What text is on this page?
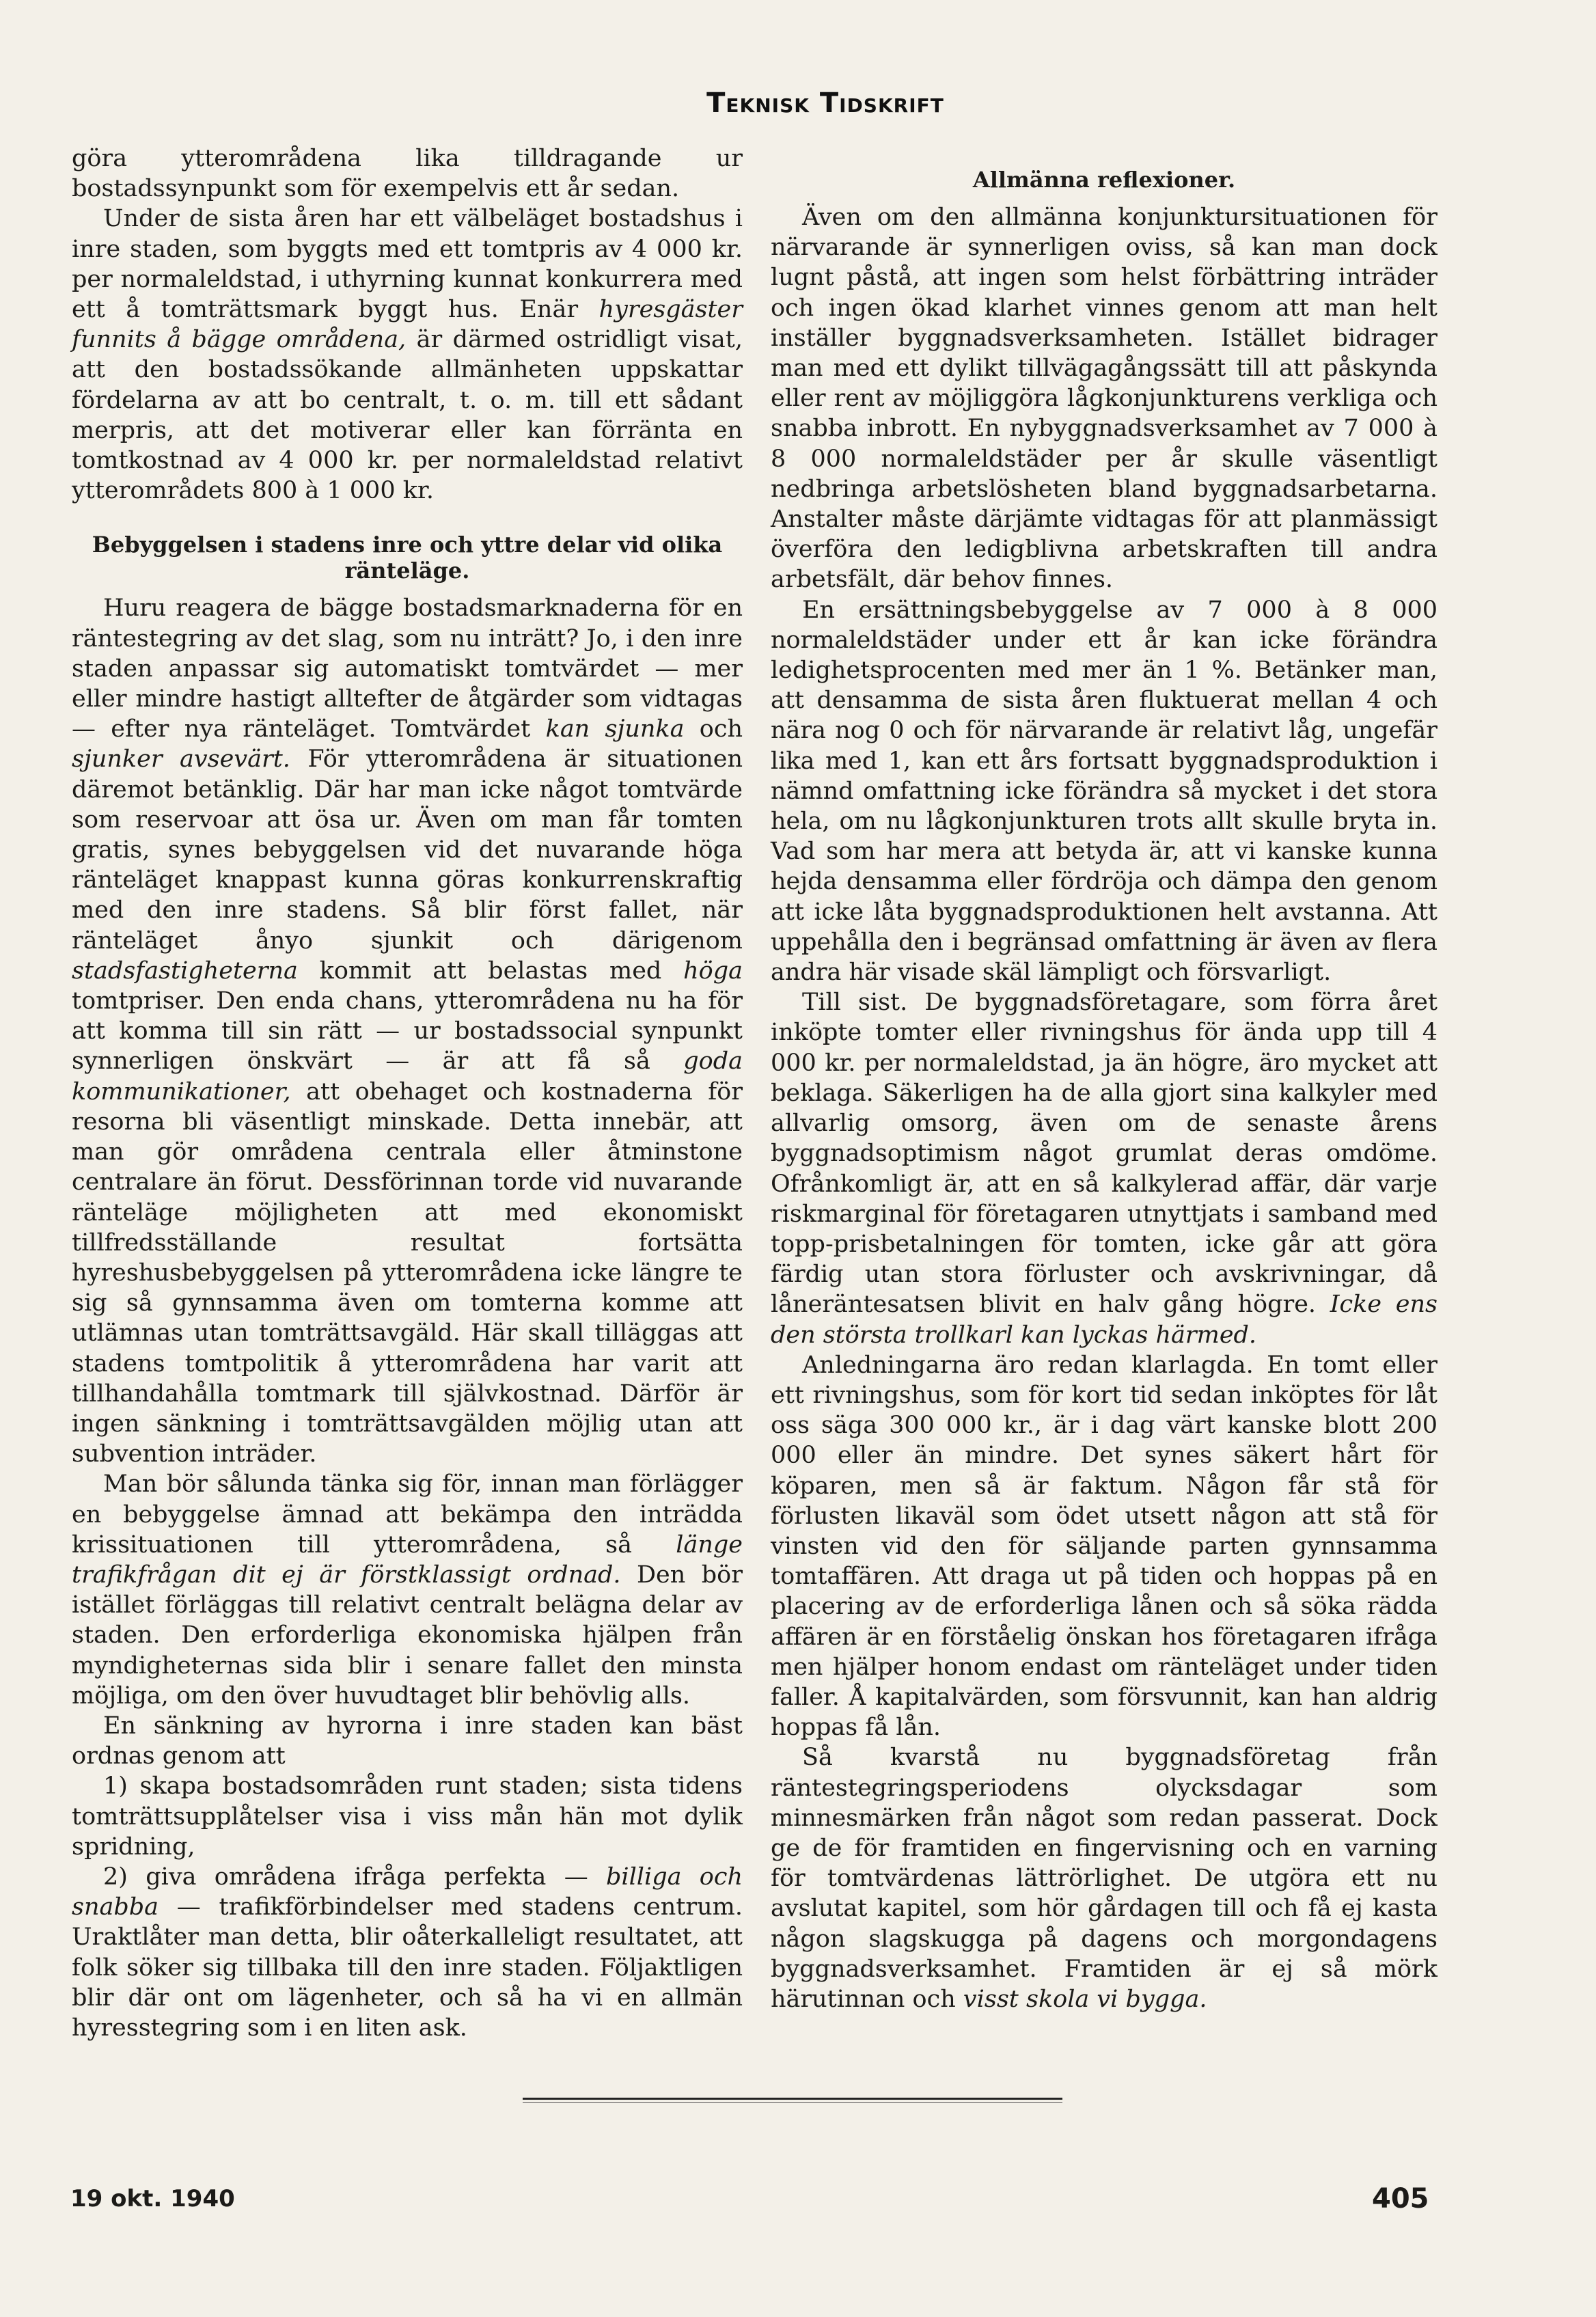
Teknisk Tidskrift

göra ytterområdena lika tilldragande ur bostadssynpunkt som för exempelvis ett år sedan.

Under de sista åren har ett välbeläget bostadshus i inre staden, som byggts med ett tomtpris av 4 000 kr. per normaleldstad, i uthyrning kunnat konkurrera med ett å tomträttsmark byggt hus. Enär hyresgäster funnits å bägge områdena, är därmed ostridligt visat, att den bostadssökande allmänheten uppskattar fördelarna av att bo centralt, t. o. m. till ett sådant merpris, att det motiverar eller kan förränta en tomtkostnad av 4 000 kr. per normaleldstad relativt ytterområdets 800 à 1 000 kr.

Bebyggelsen i stadens inre och yttre delar vid olika ränteläge.

Huru reagera de bägge bostadsmarknaderna för en räntestegring av det slag, som nu inträtt? Jo, i den inre staden anpassar sig automatiskt tomtvärdet — mer eller mindre hastigt alltefter de åtgärder som vidtagas — efter nya ränteläget. Tomtvärdet kan sjunka och sjunker avsevärt. För ytterområdena är situationen däremot betänklig. Där har man icke något tomtvärde som reservoar att ösa ur. Även om man får tomten gratis, synes bebyggelsen vid det nuvarande höga ränteläget knappast kunna göras konkurrenskraftig med den inre stadens. Så blir först fallet, när ränteläget ånyo sjunkit och därigenom stadsfastigheterna kommit att belastas med höga tomtpriser. Den enda chans, ytterområdena nu ha för att komma till sin rätt — ur bostadssocial synpunkt synnerligen önskvärt — är att få så goda kommunikationer, att obehaget och kostnaderna för resorna bli väsentligt minskade. Detta innebär, att man gör områdena centrala eller åtminstone centralare än förut. Dessförinnan torde vid nuvarande ränteläge möjligheten att med ekonomiskt tillfredsställande resultat fortsätta hyreshusbebyggelsen på ytterområdena icke längre te sig så gynnsamma även om tomterna komme att utlämnas utan tomträttsavgäld. Här skall tilläggas att stadens tomtpolitik å ytterområdena har varit att tillhandahålla tomtmark till självkostnad. Därför är ingen sänkning i tomträttsavgälden möjlig utan att subvention inträder.

Man bör sålunda tänka sig för, innan man förlägger en bebyggelse ämnad att bekämpa den inträdda krissituationen till ytterområdena, så länge trafikfrågan dit ej är förstklassigt ordnad. Den bör istället förläggas till relativt centralt belägna delar av staden. Den erforderliga ekonomiska hjälpen från myndigheternas sida blir i senare fallet den minsta möjliga, om den över huvudtaget blir behövlig alls.

En sänkning av hyrorna i inre staden kan bäst ordnas genom att

1) skapa bostadsområden runt staden; sista tidens tomträttsupplåtelser visa i viss mån hän mot dylik spridning,

2) giva områdena ifråga perfekta — billiga och snabba — trafikförbindelser med stadens centrum. Urakt​låter man detta, blir oåterkalleligt resultatet, att folk söker sig tillbaka till den inre staden. Följaktligen blir där ont om lägenheter, och så ha vi en allmän hyresstegring som i en liten ask.

Allmänna reflexioner.

Även om den allmänna konjunktursituationen för närvarande är synnerligen oviss, så kan man dock lugnt påstå, att ingen som helst förbättring inträder och ingen ökad klarhet vinnes genom att man helt inställer byggnadsverksamheten. Istället bidrager man med ett dylikt tillvägagångssätt till att påskynda eller rent av möjliggöra lågkonjunkturens verkliga och snabba inbrott. En nybyggnadsverksamhet av 7 000 à 8 000 normaleldstäder per år skulle väsentligt nedbringa arbetslösheten bland byggnadsarbetarna. Anstalter måste därjämte vidtagas för att planmässigt överföra den ledigblivna arbetskraften till andra arbetsfält, där behov finnes.

En ersättningsbebyggelse av 7 000 à 8 000 normaleldstäder under ett år kan icke förändra ledighetsprocenten med mer än 1 %. Betänker man, att densamma de sista åren fluktuerat mellan 4 och nära nog 0 och för närvarande är relativt låg, ungefär lika med 1, kan ett års fortsatt byggnadsproduktion i nämnd omfattning icke förändra så mycket i det stora hela, om nu lågkonjunkturen trots allt skulle bryta in. Vad som har mera att betyda är, att vi kanske kunna hejda densamma eller fördröja och dämpa den genom att icke låta byggnadsproduktionen helt avstanna. Att uppehålla den i begränsad omfattning är även av flera andra här visade skäl lämpligt och försvarligt.

Till sist. De byggnadsföretagare, som förra året inköpte tomter eller rivningshus för ända upp till 4 000 kr. per normaleldstad, ja än högre, äro mycket att beklaga. Säkerligen ha de alla gjort sina kalkyler med allvarlig omsorg, även om de senaste årens byggnadsoptimism något grumlat deras omdöme. Ofrånkomligt är, att en så kalkylerad affär, där varje riskmarginal för företagaren utnyttjats i samband med topp-prisbetalningen för tomten, icke går att göra färdig utan stora förluster och avskrivningar, då låneräntesatsen blivit en halv gång högre. Icke ens den största trollkarl kan lyckas härmed.

Anledningarna äro redan klarlagda. En tomt eller ett rivningshus, som för kort tid sedan inköptes för låt oss säga 300 000 kr., är i dag värt kanske blott 200 000 eller än mindre. Det synes säkert hårt för köparen, men så är faktum. Någon får stå för förlusten likaväl som ödet utsett någon att stå för vinsten vid den för säljande parten gynnsamma tomtaffären. Att draga ut på tiden och hoppas på en placering av de erforderliga lånen och så söka rädda affären är en förståelig önskan hos företagaren ifråga men hjälper honom endast om ränteläget under tiden faller. Å kapitalvärden, som försvunnit, kan han aldrig hoppas få lån.

Så kvarstå nu byggnadsföretag från räntestegringsperiodens olycksdagar som minnesmärken från något som redan passerat. Dock ge de för framtiden en fingervisning och en varning för tomtvärdenas lättrörlighet. De utgöra ett nu avslutat kapitel, som hör gårdagen till och få ej kasta någon slagskugga på dagens och morgondagens byggnadsverksamhet. Framtiden är ej så mörk härutinnan och visst skola vi bygga.

19 okt. 1940	405
